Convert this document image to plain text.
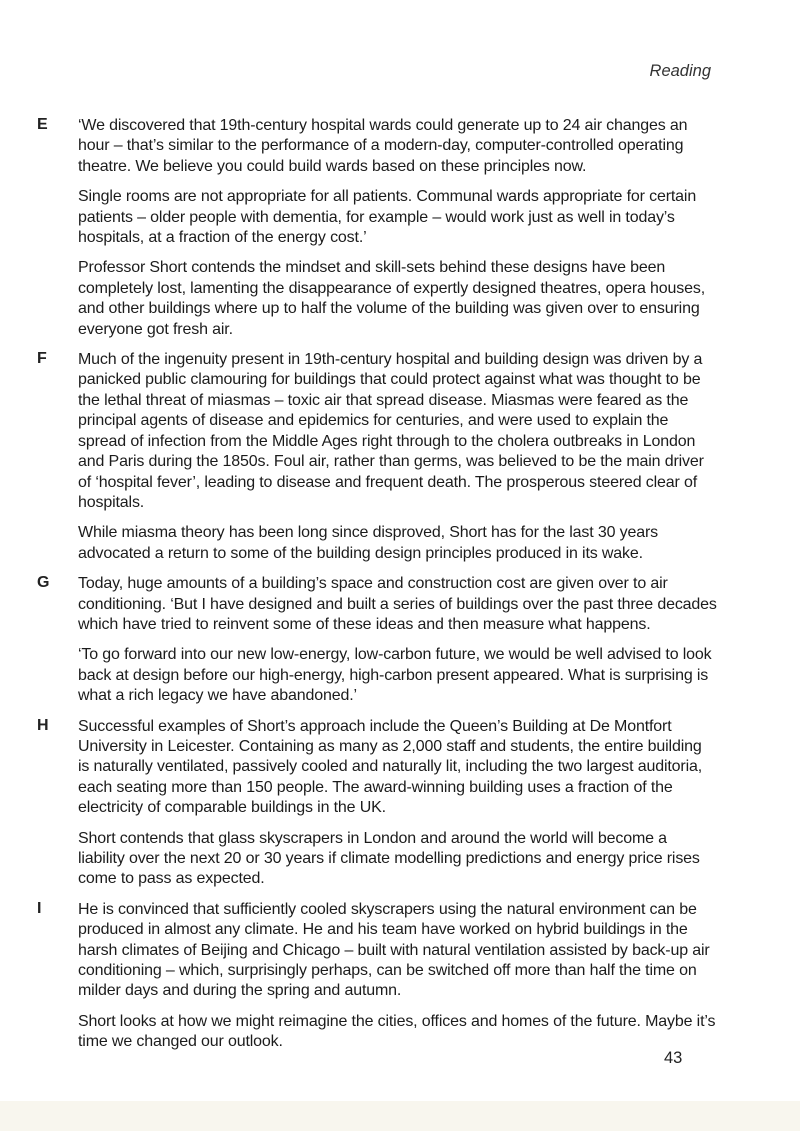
Reading
E ‘We discovered that 19th-century hospital wards could generate up to 24 air changes an hour – that’s similar to the performance of a modern-day, computer-controlled operating theatre. We believe you could build wards based on these principles now.

Single rooms are not appropriate for all patients. Communal wards appropriate for certain patients – older people with dementia, for example – would work just as well in today’s hospitals, at a fraction of the energy cost.’

Professor Short contends the mindset and skill-sets behind these designs have been completely lost, lamenting the disappearance of expertly designed theatres, opera houses, and other buildings where up to half the volume of the building was given over to ensuring everyone got fresh air.

F Much of the ingenuity present in 19th-century hospital and building design was driven by a panicked public clamouring for buildings that could protect against what was thought to be the lethal threat of miasmas – toxic air that spread disease. Miasmas were feared as the principal agents of disease and epidemics for centuries, and were used to explain the spread of infection from the Middle Ages right through to the cholera outbreaks in London and Paris during the 1850s. Foul air, rather than germs, was believed to be the main driver of ‘hospital fever’, leading to disease and frequent death. The prosperous steered clear of hospitals.

While miasma theory has been long since disproved, Short has for the last 30 years advocated a return to some of the building design principles produced in its wake.

G Today, huge amounts of a building’s space and construction cost are given over to air conditioning. ‘But I have designed and built a series of buildings over the past three decades which have tried to reinvent some of these ideas and then measure what happens.

‘To go forward into our new low-energy, low-carbon future, we would be well advised to look back at design before our high-energy, high-carbon present appeared. What is surprising is what a rich legacy we have abandoned.’

H Successful examples of Short’s approach include the Queen’s Building at De Montfort University in Leicester. Containing as many as 2,000 staff and students, the entire building is naturally ventilated, passively cooled and naturally lit, including the two largest auditoria, each seating more than 150 people. The award-winning building uses a fraction of the electricity of comparable buildings in the UK.

Short contends that glass skyscrapers in London and around the world will become a liability over the next 20 or 30 years if climate modelling predictions and energy price rises come to pass as expected.

I He is convinced that sufficiently cooled skyscrapers using the natural environment can be produced in almost any climate. He and his team have worked on hybrid buildings in the harsh climates of Beijing and Chicago – built with natural ventilation assisted by back-up air conditioning – which, surprisingly perhaps, can be switched off more than half the time on milder days and during the spring and autumn.

Short looks at how we might reimagine the cities, offices and homes of the future. Maybe it’s time we changed our outlook.

43
